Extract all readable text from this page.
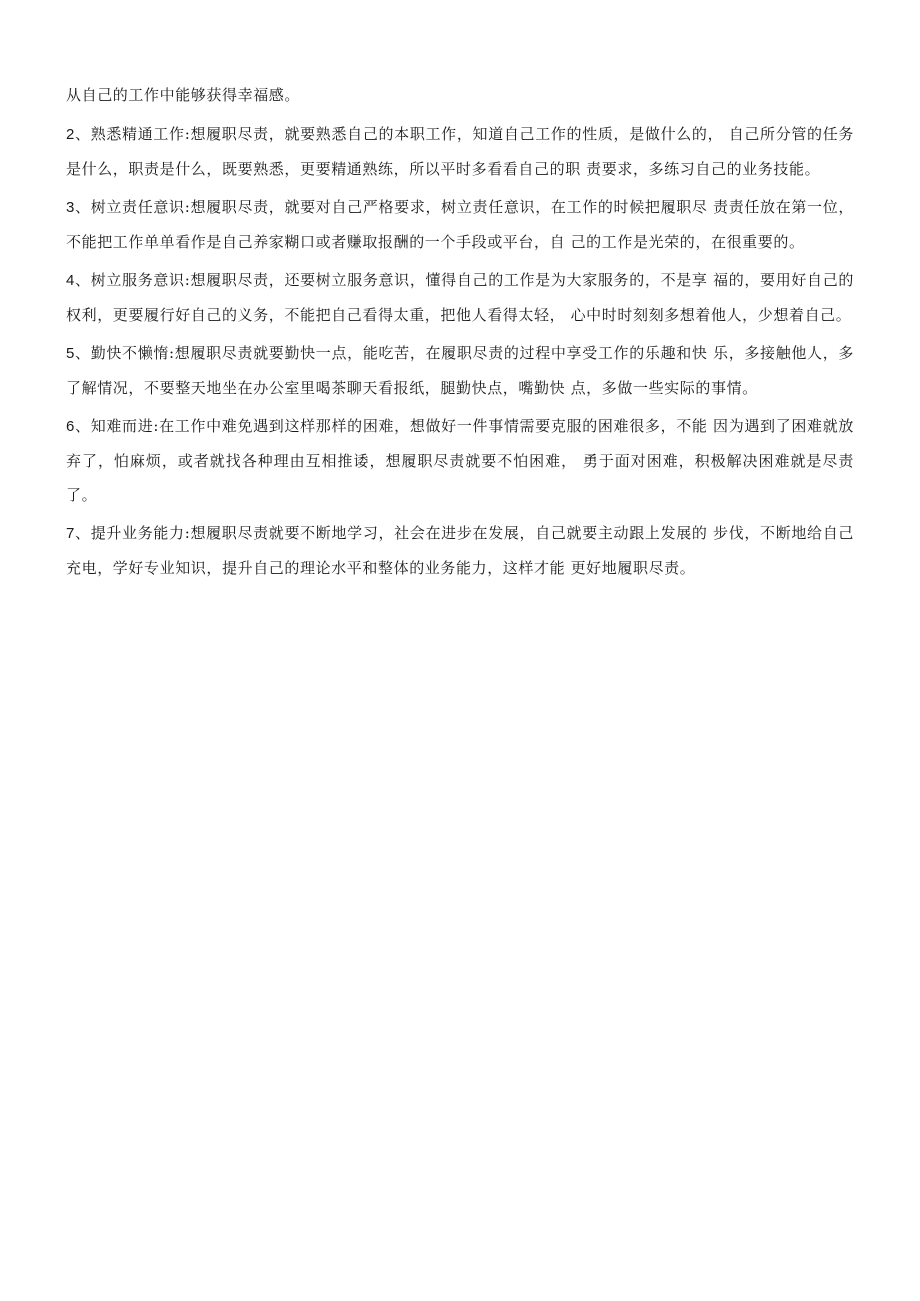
从自己的工作中能够获得幸福感。

2、熟悉精通工作:想履职尽责，就要熟悉自己的本职工作，知道自己工作的性质，是做什么的， 自己所分管的任务是什么，职责是什么，既要熟悉，更要精通熟练，所以平时多看看自己的职 责要求，多练习自己的业务技能。

3、树立责任意识:想履职尽责，就要对自己严格要求，树立责任意识，在工作的时候把履职尽 责责任放在第一位，不能把工作单单看作是自己养家糊口或者赚取报酬的一个手段或平台，自 己的工作是光荣的，在很重要的。

4、树立服务意识:想履职尽责，还要树立服务意识，懂得自己的工作是为大家服务的，不是享 福的，要用好自己的权利，更要履行好自己的义务，不能把自己看得太重，把他人看得太轻， 心中时时刻刻多想着他人，少想着自己。

5、勤快不懒惰:想履职尽责就要勤快一点，能吃苦，在履职尽责的过程中享受工作的乐趣和快 乐，多接触他人，多了解情况，不要整天地坐在办公室里喝茶聊天看报纸，腿勤快点，嘴勤快 点，多做一些实际的事情。

6、知难而进:在工作中难免遇到这样那样的困难，想做好一件事情需要克服的困难很多，不能 因为遇到了困难就放弃了，怕麻烦，或者就找各种理由互相推诿，想履职尽责就要不怕困难， 勇于面对困难，积极解决困难就是尽责了。

7、提升业务能力:想履职尽责就要不断地学习，社会在进步在发展，自己就要主动跟上发展的 步伐，不断地给自己充电，学好专业知识，提升自己的理论水平和整体的业务能力，这样才能 更好地履职尽责。
